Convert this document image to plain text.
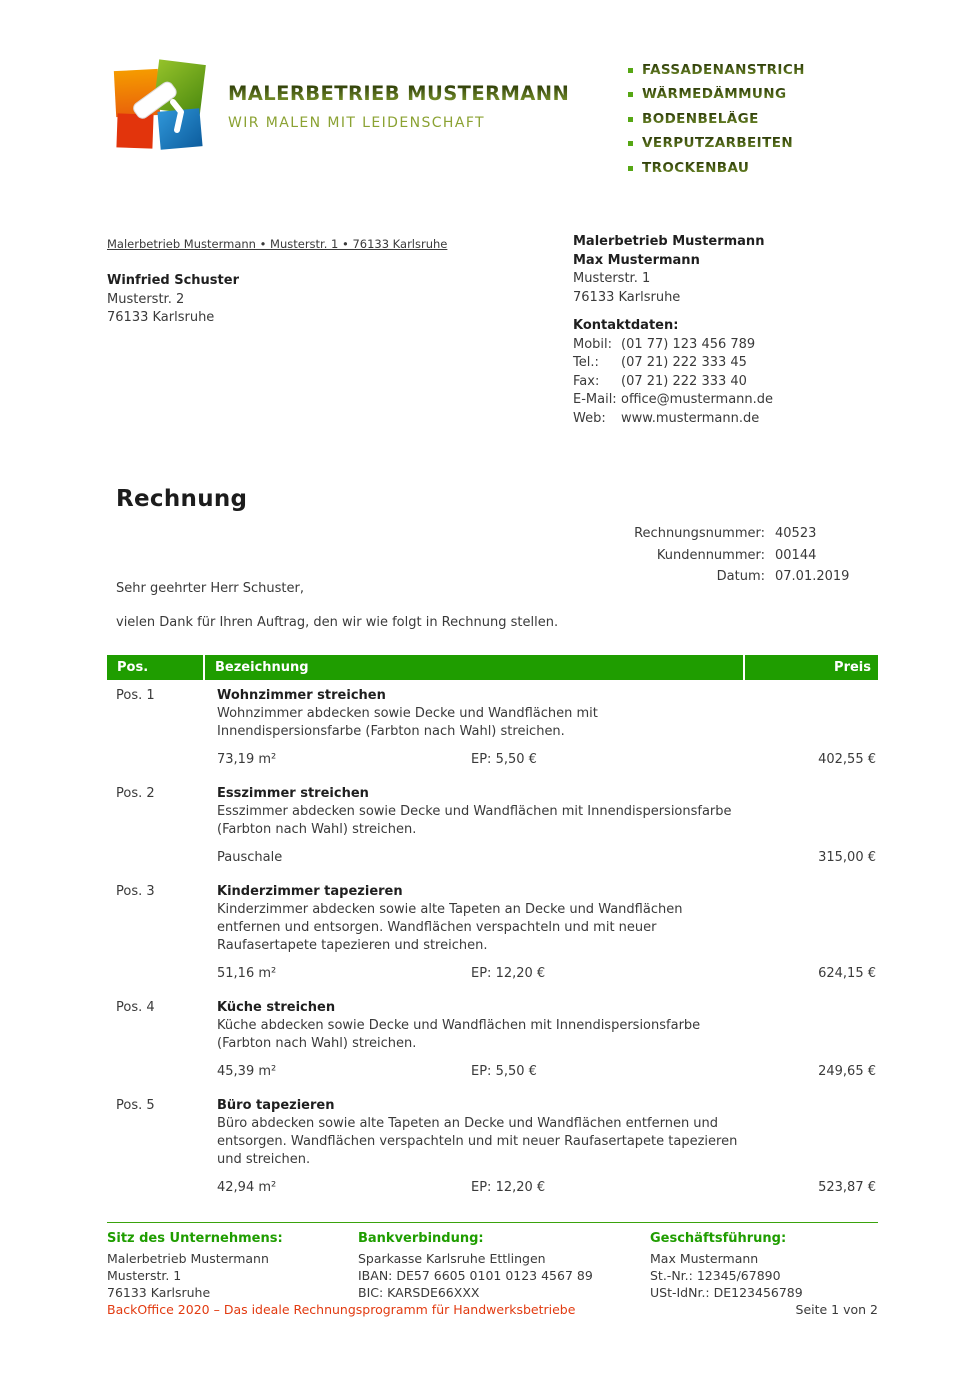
MALERBETRIEB MUSTERMANN
WIR MALEN MIT LEIDENSCHAFT
FASSADENANSTRICH
WÄRMEDÄMMUNG
BODENBELÄGE
VERPUTZARBEITEN
TROCKENBAU
Malerbetrieb Mustermann • Musterstr. 1 • 76133 Karlsruhe
Winfried Schuster
Musterstr. 2
76133 Karlsruhe
Malerbetrieb Mustermann
Max Mustermann
Musterstr. 1
76133 Karlsruhe
Kontaktdaten:
Mobil: (01 77) 123 456 789
Tel.:	(07 21) 222 333 45
Fax:	(07 21) 222 333 40
E-Mail: office@mustermann.de
Web:	www.mustermann.de
Rechnung
Rechnungsnummer: 40523
Kundennummer: 00144
Datum: 07.01.2019
Sehr geehrter Herr Schuster,
vielen Dank für Ihren Auftrag, den wir wie folgt in Rechnung stellen.
Pos.	Bezeichnung	Preis
Pos. 1	Wohnzimmer streichen
Wohnzimmer abdecken sowie Decke und Wandflächen mit Innendispersionsfarbe (Farbton nach Wahl) streichen.
73,19 m²	EP: 5,50 €	402,55 €
Pos. 2	Esszimmer streichen
Esszimmer abdecken sowie Decke und Wandflächen mit Innendispersionsfarbe (Farbton nach Wahl) streichen.
Pauschale	315,00 €
Pos. 3	Kinderzimmer tapezieren
Kinderzimmer abdecken sowie alte Tapeten an Decke und Wandflächen entfernen und entsorgen. Wandflächen verspachteln und mit neuer Raufasertapete tapezieren und streichen.
51,16 m²	EP: 12,20 €	624,15 €
Pos. 4	Küche streichen
Küche abdecken sowie Decke und Wandflächen mit Innendispersionsfarbe (Farbton nach Wahl) streichen.
45,39 m²	EP: 5,50 €	249,65 €
Pos. 5	Büro tapezieren
Büro abdecken sowie alte Tapeten an Decke und Wandflächen entfernen und entsorgen. Wandflächen verspachteln und mit neuer Raufasertapete tapezieren und streichen.
42,94 m²	EP: 12,20 €	523,87 €
Sitz des Unternehmens:
Malerbetrieb Mustermann
Musterstr. 1
76133 Karlsruhe
Bankverbindung:
Sparkasse Karlsruhe Ettlingen
IBAN: DE57 6605 0101 0123 4567 89
BIC: KARSDE66XXX
Geschäftsführung:
Max Mustermann
St.-Nr.: 12345/67890
USt-IdNr.: DE123456789
BackOffice 2020 – Das ideale Rechnungsprogramm für Handwerksbetriebe	Seite 1 von 2
